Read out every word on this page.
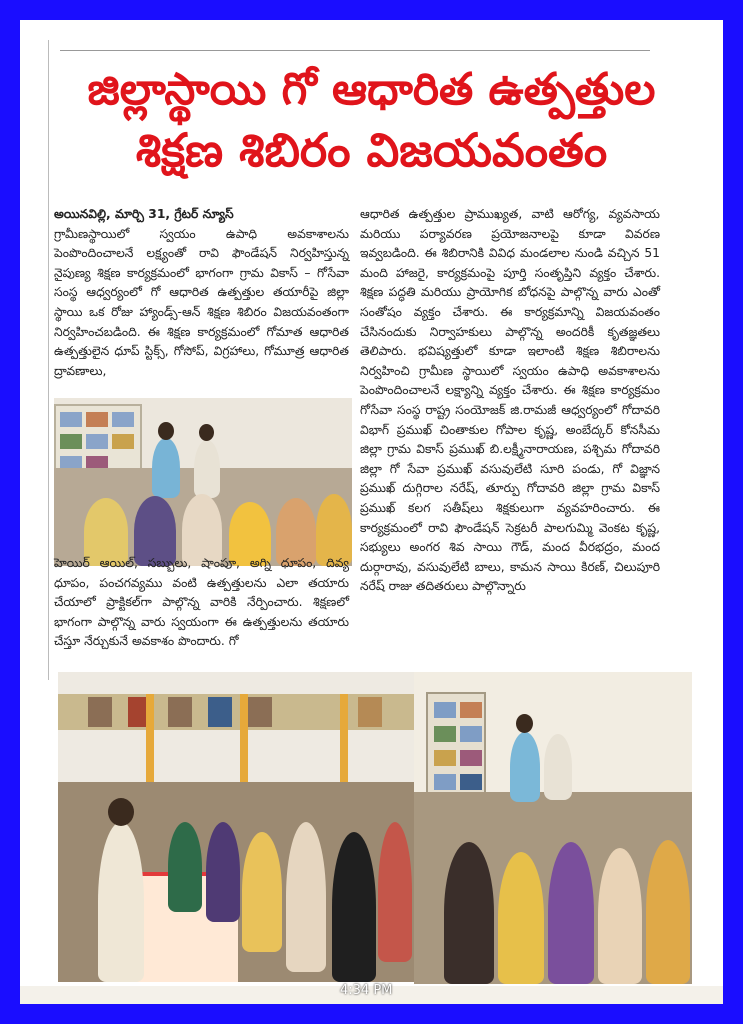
జిల్లాస్థాయి గో ఆధారిత ఉత్పత్తుల
శిక్షణ శిబిరం విజయవంతం

అయినవిల్లి, మార్చి 31, గ్రేటర్ న్యూస్

గ్రామీణస్థాయిలో స్వయం ఉపాధి అవకాశాలను పెంపొందించాలనే లక్ష్యంతో రావి ఫౌండేషన్ నిర్వహిస్తున్న నైపుణ్య శిక్షణ కార్యక్రమంలో భాగంగా గ్రామ వికాస్ – గోసేవా సంస్థ ఆధ్వర్యంలో గో ఆధారిత ఉత్పత్తుల తయారీపై జిల్లా స్థాయి ఒక రోజు హ్యాండ్స్-ఆన్ శిక్షణ శిబిరం విజయవంతంగా నిర్వహించబడింది. ఈ శిక్షణ కార్యక్రమంలో గోమాత ఆధారిత ఉత్పత్తులైన ధూప్ స్టిక్స్, గోసోప్, విగ్రహాలు, గోమూత్ర ఆధారిత ద్రావణాలు,

హెయిర్ ఆయిల్, సబ్బులు, షాంపూ, అగ్ని ధూపం, దివ్య ధూపం, పంచగవ్యము వంటి ఉత్పత్తులను ఎలా తయారు చేయాలో ప్రాక్టికల్‌గా పాల్గొన్న వారికి నేర్పించారు. శిక్షణలో భాగంగా పాల్గొన్న వారు స్వయంగా ఈ ఉత్పత్తులను తయారు చేస్తూ నేర్చుకునే అవకాశం పొందారు. గో

ఆధారిత ఉత్పత్తుల ప్రాముఖ్యత, వాటి ఆరోగ్య, వ్యవసాయ మరియు పర్యావరణ ప్రయోజనాలపై కూడా వివరణ ఇవ్వబడింది. ఈ శిబిరానికి వివిధ మండలాల నుండి వచ్చిన 51 మంది హాజరై, కార్యక్రమంపై పూర్తి సంతృప్తిని వ్యక్తం చేశారు. శిక్షణ పద్ధతి మరియు ప్రాయోగిక బోధనపై పాల్గొన్న వారు ఎంతో సంతోషం వ్యక్తం చేశారు. ఈ కార్యక్రమాన్ని విజయవంతం చేసినందుకు నిర్వాహకులు పాల్గొన్న అందరికీ కృతజ్ఞతలు తెలిపారు. భవిష్యత్తులో కూడా ఇలాంటి శిక్షణ శిబిరాలను నిర్వహించి గ్రామీణ స్థాయిలో స్వయం ఉపాధి అవకాశాలను పెంపొందించాలనే లక్ష్యాన్ని వ్యక్తం చేశారు. ఈ శిక్షణ కార్యక్రమం గోసేవా సంస్థ రాష్ట్ర సంయోజక్ జి.రామజీ ఆధ్వర్యంలో గోదావరి విభాగ్ ప్రముఖ్ చింతాకుల గోపాల కృష్ణ, అంబేద్కర్ కోనసీమ జిల్లా గ్రామ వికాస్ ప్రముఖ్ బి.లక్ష్మీనారాయణ, పశ్చిమ గోదావరి జిల్లా గో సేవా ప్రముఖ్ వసువులేటి సూరి పండు, గో విజ్ఞాన ప్రముఖ్ దుగ్గిరాల నరేష్, తూర్పు గోదావరి జిల్లా గ్రామ వికాస్ ప్రముఖ్ కలగ సతీష్‌లు శిక్షకులుగా వ్యవహరించారు. ఈ కార్యక్రమంలో రావి ఫౌండేషన్ సెక్రటరీ పాలగుమ్మి వెంకట కృష్ణ, సభ్యులు అంగర శివ సాయి గౌడ్, మంద వీరభద్రం, మంద దుర్గారావు, వసువులేటి బాలు, కామన సాయి కిరణ్, చిలుపూరి నరేష్ రాజు తదితరులు పాల్గొన్నారు

4:34 PM
